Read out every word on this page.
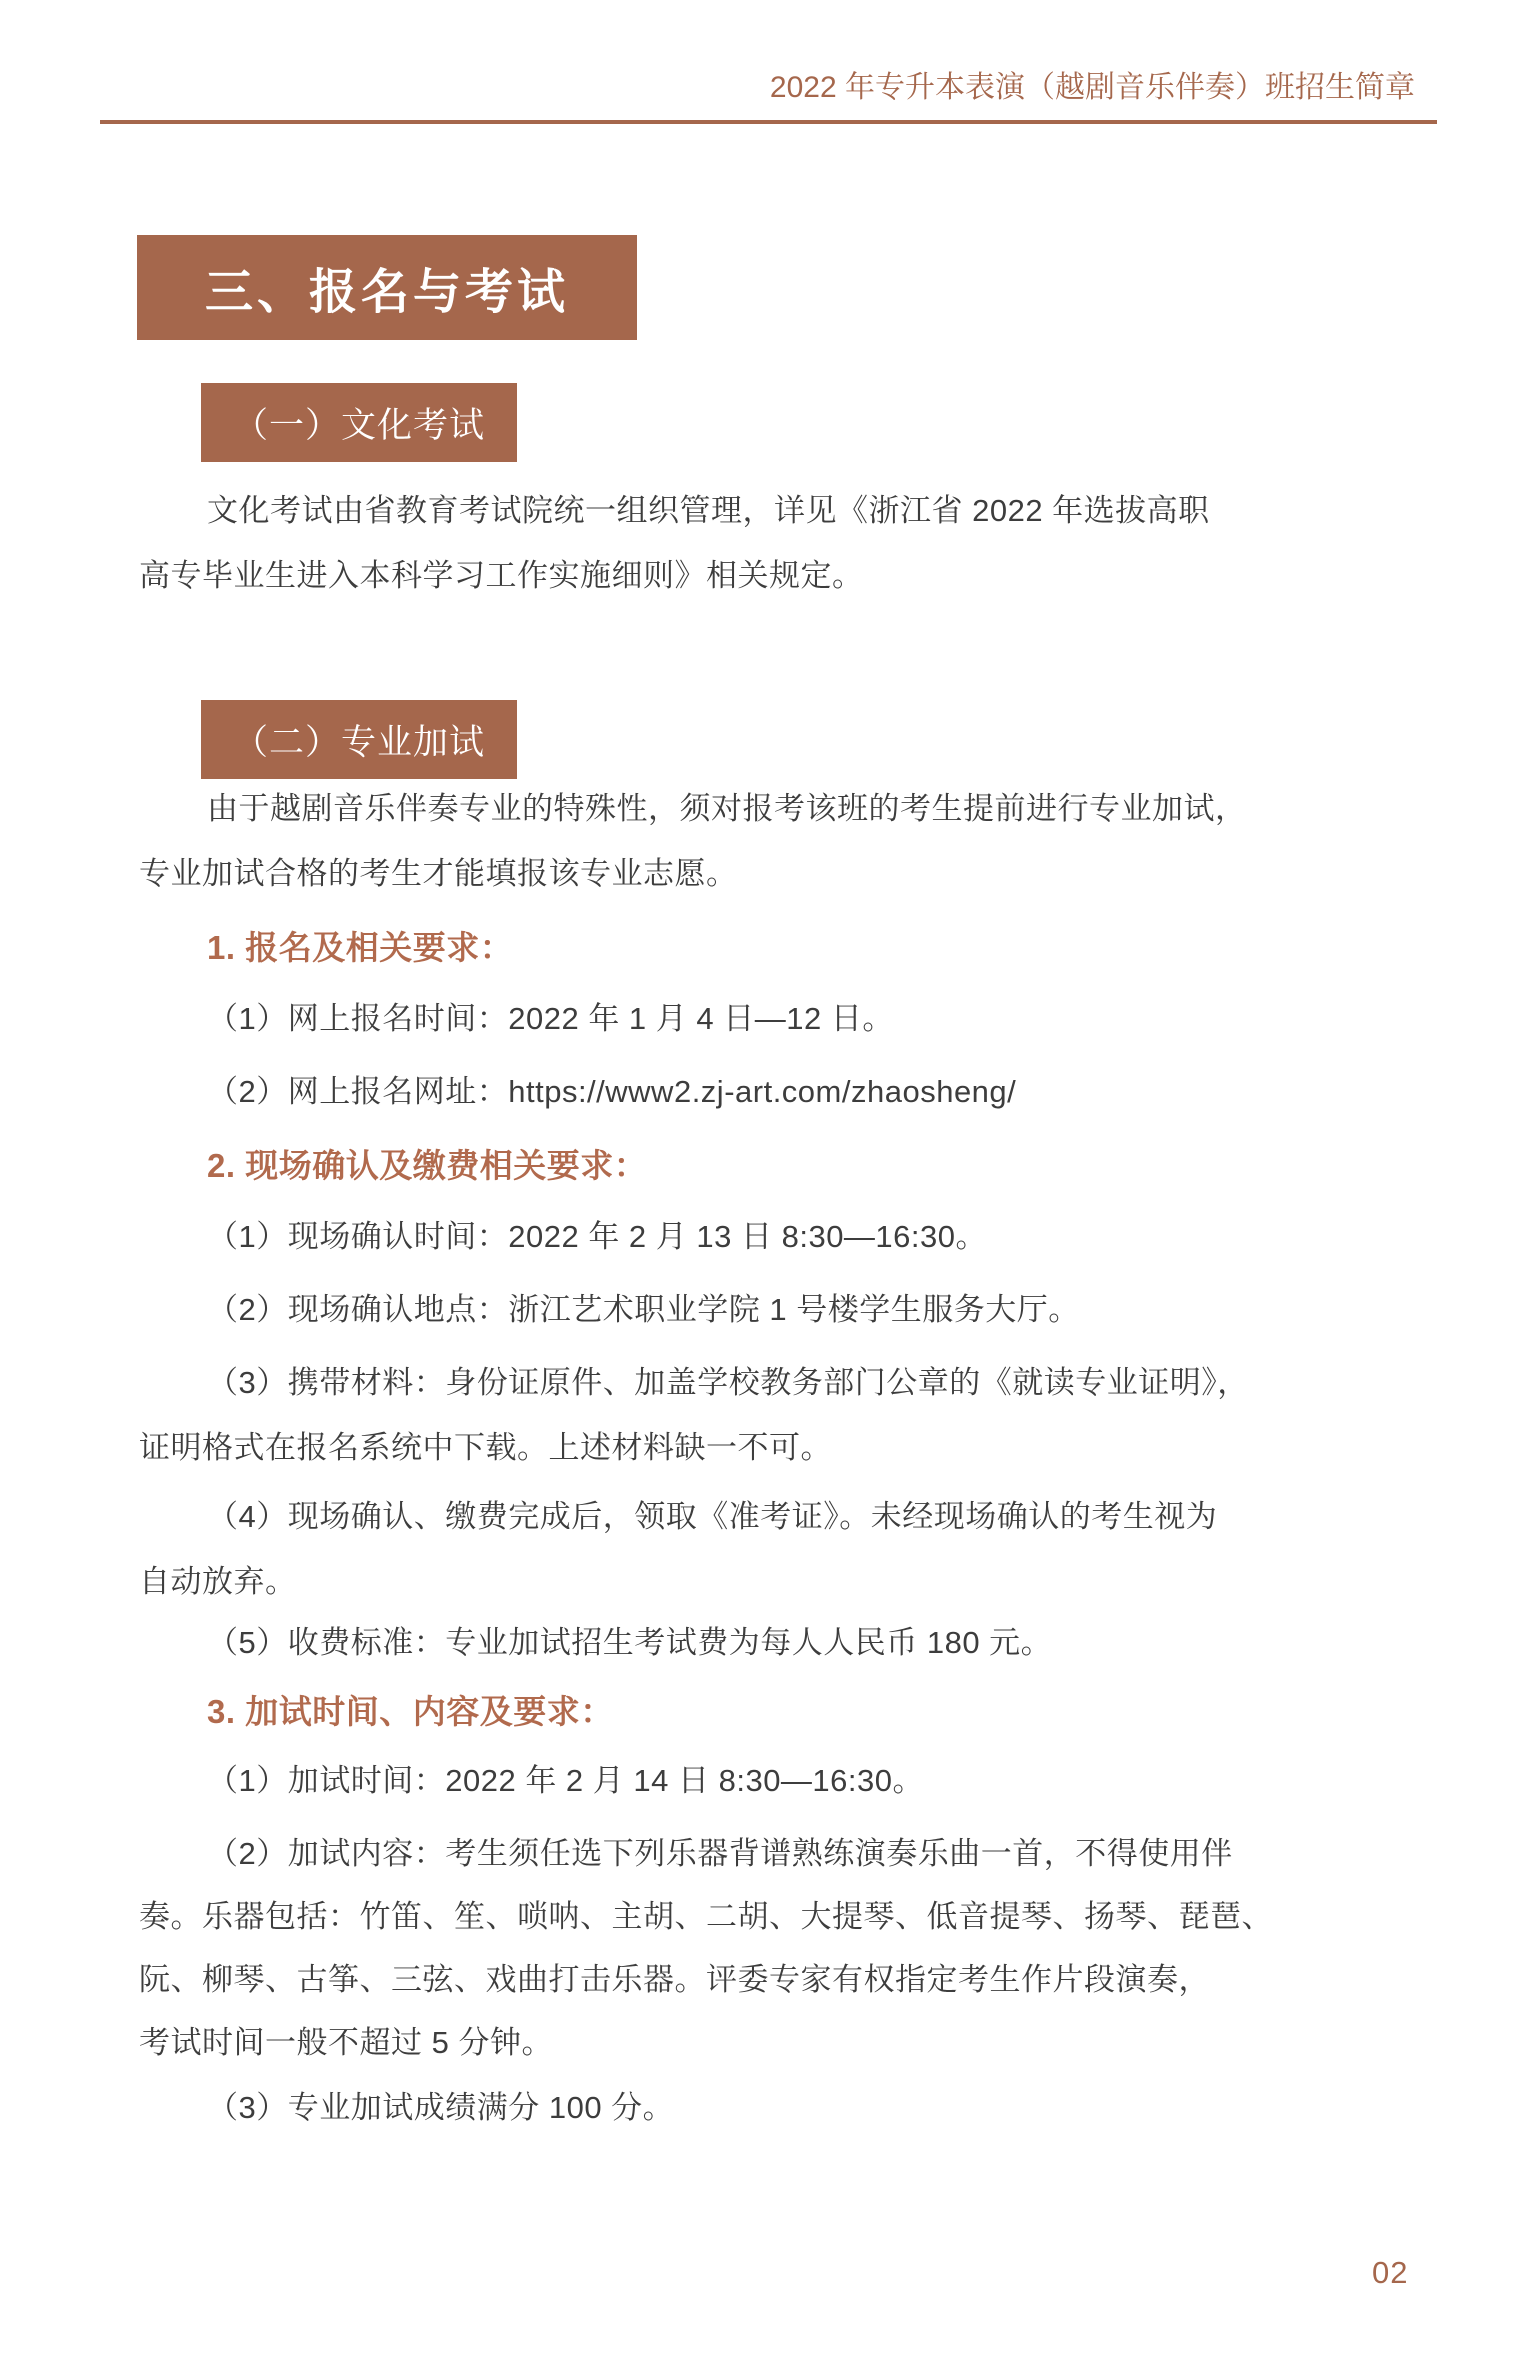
2022 年专升本表演（越剧音乐伴奏）班招生简章
三、报名与考试
（一）文化考试
文化考试由省教育考试院统一组织管理，详见《浙江省 2022 年选拔高职
高专毕业生进入本科学习工作实施细则》相关规定。
（二）专业加试
由于越剧音乐伴奏专业的特殊性，须对报考该班的考生提前进行专业加试，
专业加试合格的考生才能填报该专业志愿。
1. 报名及相关要求：
（1）网上报名时间：2022 年 1 月 4 日—12 日。
（2）网上报名网址：https://www2.zj-art.com/zhaosheng/
2. 现场确认及缴费相关要求：
（1）现场确认时间：2022 年 2 月 13 日 8:30—16:30。
（2）现场确认地点：浙江艺术职业学院 1 号楼学生服务大厅。
（3）携带材料：身份证原件、加盖学校教务部门公章的《就读专业证明》，
证明格式在报名系统中下载。上述材料缺一不可。
（4）现场确认、缴费完成后，领取《准考证》。未经现场确认的考生视为
自动放弃。
（5）收费标准：专业加试招生考试费为每人人民币 180 元。
3. 加试时间、内容及要求：
（1）加试时间：2022 年 2 月 14 日 8:30—16:30。
（2）加试内容：考生须任选下列乐器背谱熟练演奏乐曲一首，不得使用伴
奏。乐器包括：竹笛、笙、唢呐、主胡、二胡、大提琴、低音提琴、扬琴、琵琶、
阮、柳琴、古筝、三弦、戏曲打击乐器。评委专家有权指定考生作片段演奏，
考试时间一般不超过 5 分钟。
（3）专业加试成绩满分 100 分。
02
